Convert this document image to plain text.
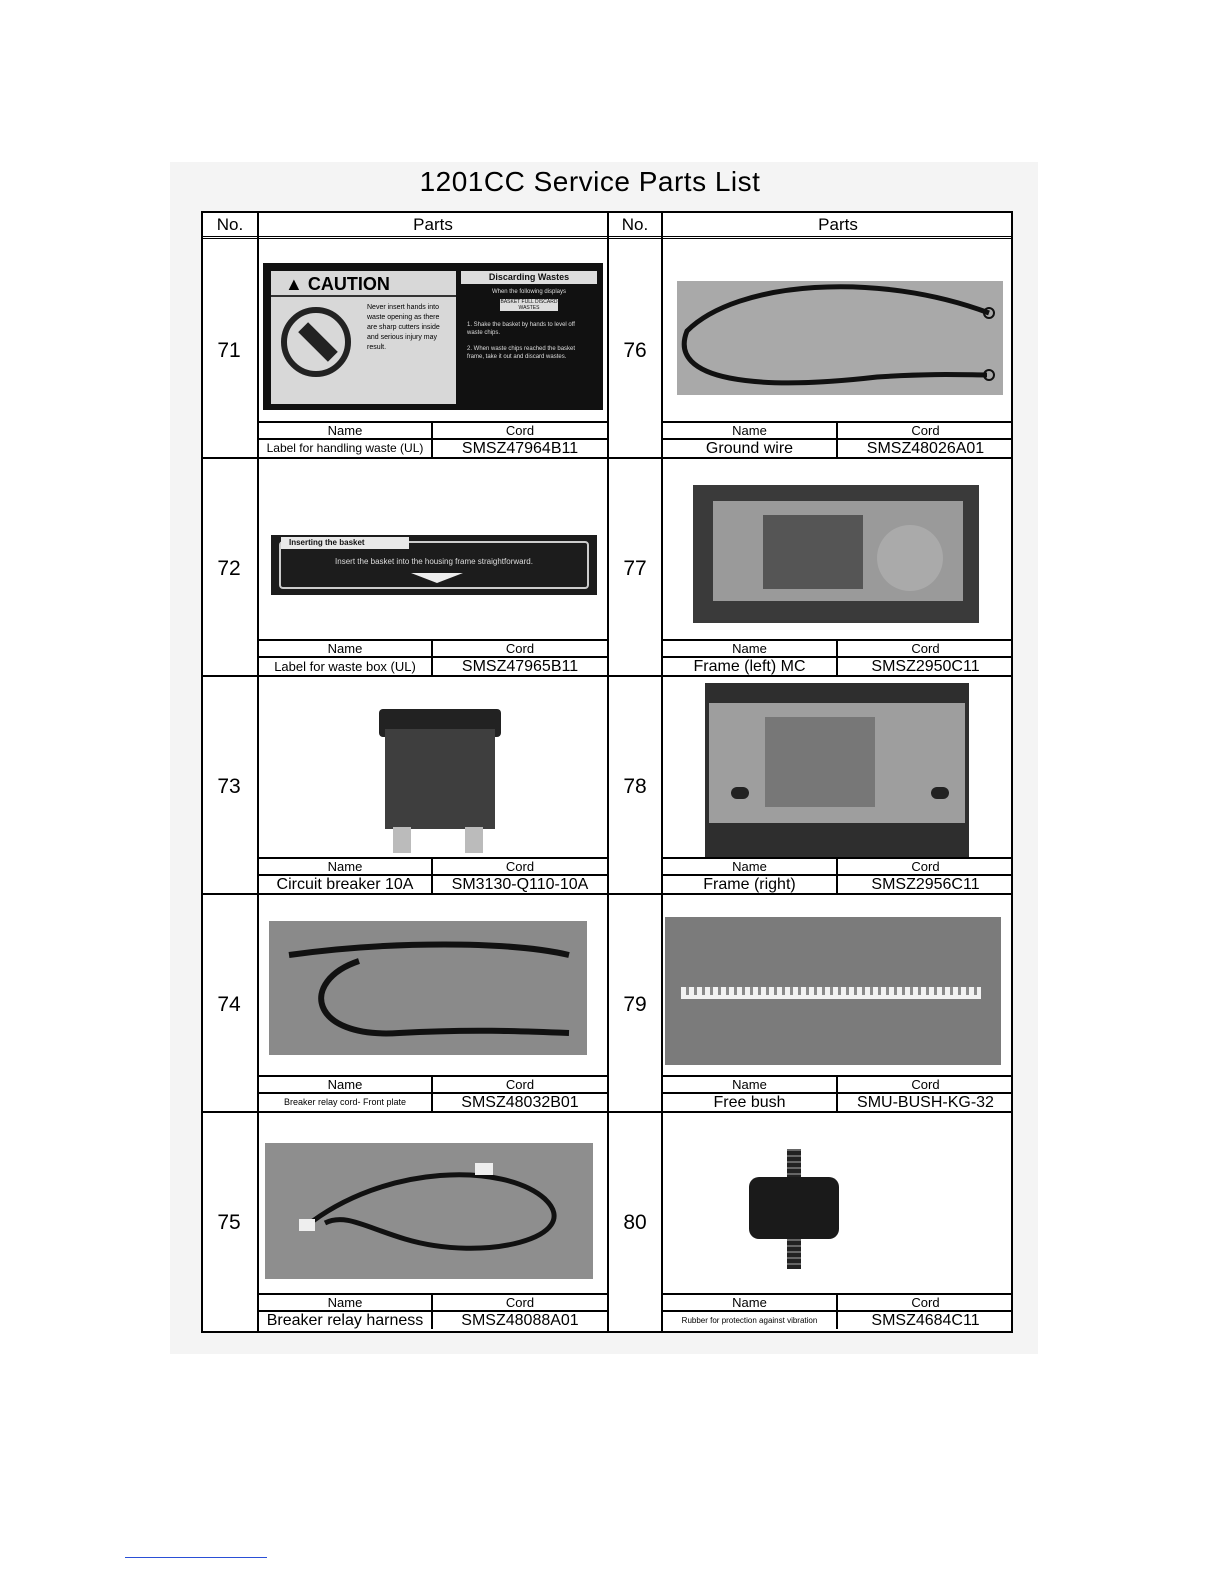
1201CC Service Parts List
No.	Parts	No.	Parts
71
▲ CAUTION
Never insert hands into waste opening as there are sharp cutters inside and serious injury may result.
Discarding Wastes
When the following displays
BASKET FULL DISCARD WASTES
1. Shake the basket by hands to level off waste chips.
2. When waste chips reached the basket frame, take it out and discard wastes.
Name	Cord
Label for handling waste (UL)	SMSZ47964B11
76
Name	Cord
Ground wire	SMSZ48026A01
72
Inserting the basket
Insert the basket into the housing frame straightforward.
Name	Cord
Label for waste box (UL)	SMSZ47965B11
77
Name	Cord
Frame (left) MC	SMSZ2950C11
73
Name	Cord
Circuit breaker 10A	SM3130-Q110-10A
78
Name	Cord
Frame (right)	SMSZ2956C11
74
Name	Cord
Breaker relay cord- Front plate	SMSZ48032B01
79
Name	Cord
Free bush	SMU-BUSH-KG-32
75
Name	Cord
Breaker relay harness	SMSZ48088A01
80
Name	Cord
Rubber for protection against vibration	SMSZ4684C11
